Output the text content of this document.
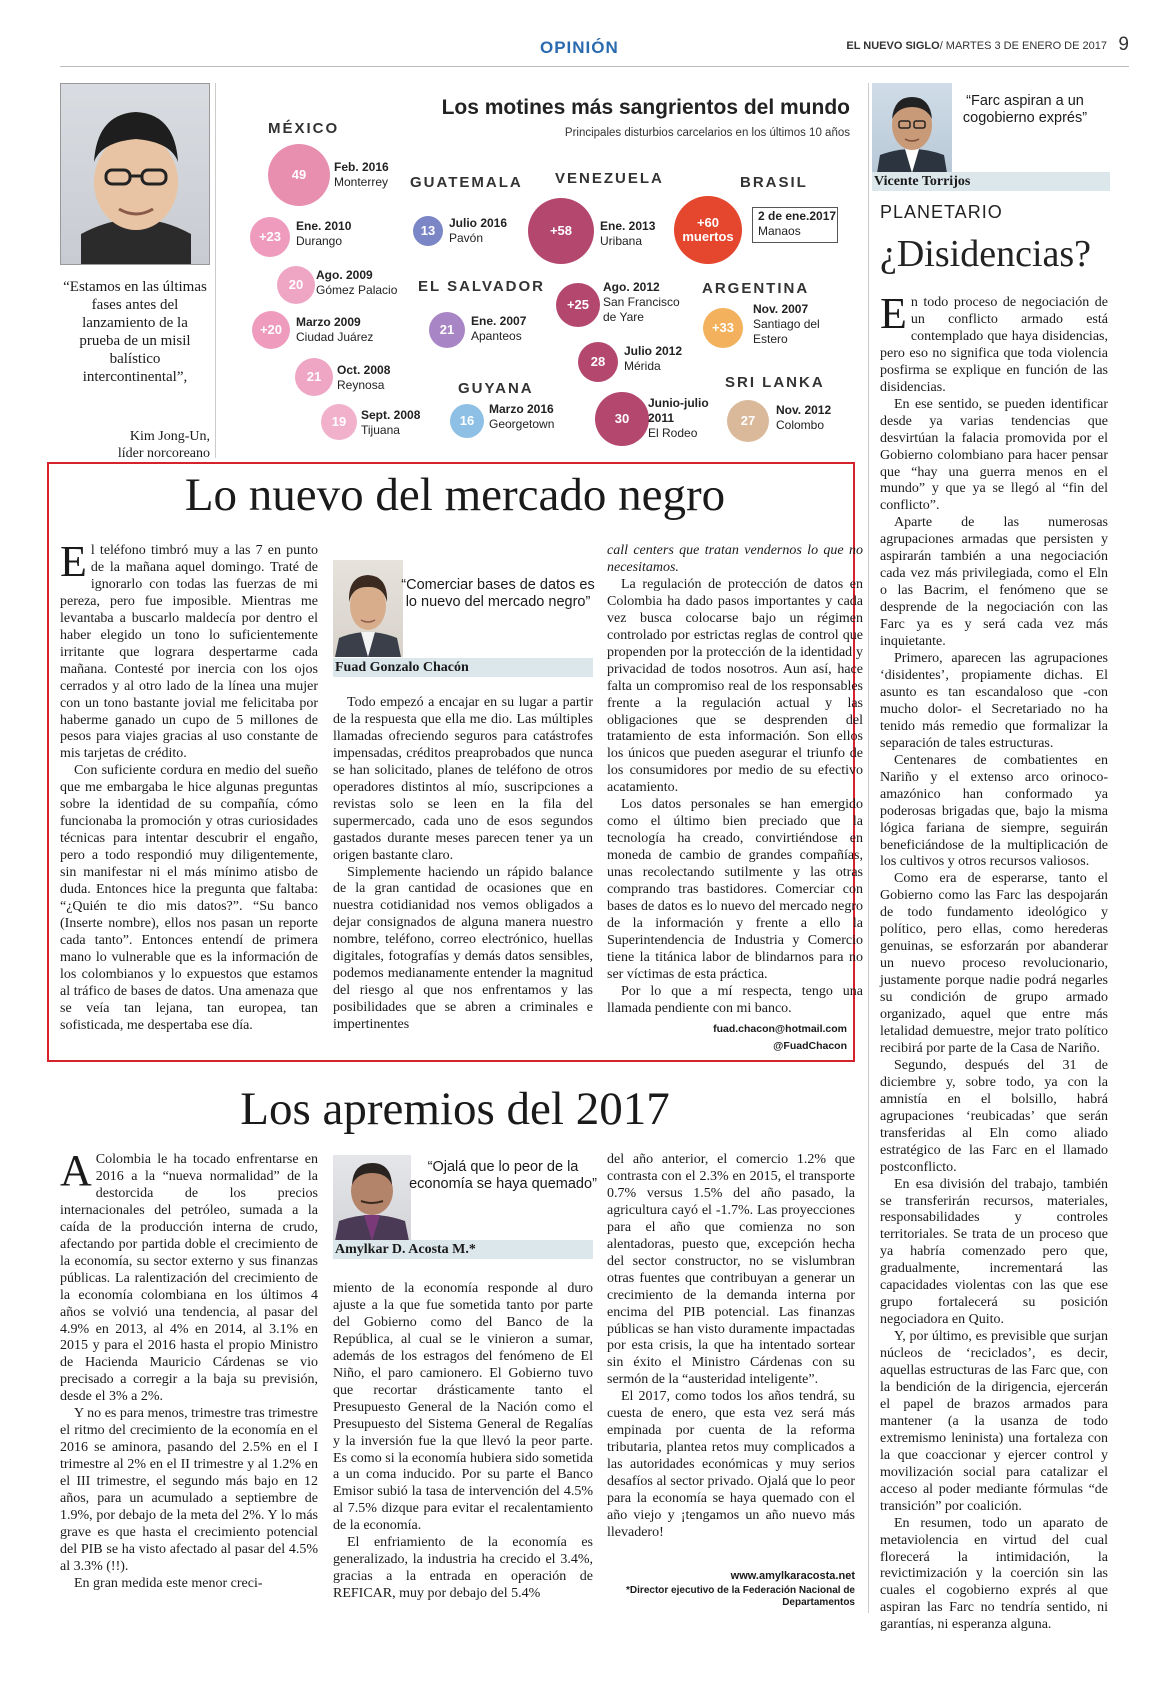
OPINIÓN	EL NUEVO SIGLO/ MARTES 3 DE ENERO DE 2017 9
“Estamos en las últimas fases antes del lanzamiento de la prueba de un misil balístico intercontinental”,
Kim Jong-Un,
líder norcoreano
Los motines más sangrientos del mundo
Principales disturbios carcelarios en los últimos 10 años
MÉXICO
GUATEMALA VENEZUELA	BRASIL
EL SALVADOR	ARGENTINA
GUYANA	SRI LANKA
49	Feb. 2016
Monterrey
+23
Ene. 2010
Durango
20
Ago. 2009
Gómez Palacio
+20	Marzo 2009
Ciudad Juárez
21	Oct. 2008
Reynosa
19	Sept. 2008
Tijuana
13	Julio 2016
Pavón	+58	Ene. 2013
Uribana
+25
Ago. 2012
San Francisco de Yare
28
Julio 2012
Mérida
30
Junio-julio 2011
El Rodeo
+60 muertos
2 de ene.2017
Manaos
21
Ene. 2007
Apanteos
+33
Nov. 2007
Santiago del Estero
16
Marzo 2016
Georgetown	27
Nov. 2012
Colombo
“Farc aspiran a un cogobierno exprés”
Vicente Torrijos
PLANETARIO
¿Disidencias?

En todo proceso de negociación de un conflicto armado está contemplado que haya disidencias, pero eso no significa que toda violencia posfirma se explique en función de las disidencias.

En ese sentido, se pueden identificar desde ya varias tendencias que desvirtúan la falacia promovida por el Gobierno colombiano para hacer pensar que “hay una guerra menos en el mundo” y que ya se llegó al “fin del conflicto”.

Aparte de las numerosas agrupaciones armadas que persisten y aspirarán también a una negociación cada vez más privilegiada, como el Eln o las Bacrim, el fenómeno que se desprende de la negociación con las Farc ya es y será cada vez más inquietante.

Primero, aparecen las agrupaciones ‘disidentes’, propiamente dichas. El asunto es tan escandaloso que -con mucho dolor- el Secretariado no ha tenido más remedio que formalizar la separación de tales estructuras.

Centenares de combatientes en Nariño y el extenso arco orinoco-amazónico han conformado ya poderosas brigadas que, bajo la misma lógica fariana de siempre, seguirán beneficiándose de la multiplicación de los cultivos y otros recursos valiosos.

Como era de esperarse, tanto el Gobierno como las Farc las despojarán de todo fundamento ideológico y político, pero ellas, como herederas genuinas, se esforzarán por abanderar un nuevo proceso revolucionario, justamente porque nadie podrá negarles su condición de grupo armado organizado, aquel que entre más letalidad demuestre, mejor trato político recibirá por parte de la Casa de Nariño.

Segundo, después del 31 de diciembre y, sobre todo, ya con la amnistía en el bolsillo, habrá agrupaciones ‘reubicadas’ que serán transferidas al Eln como aliado estratégico de las Farc en el llamado postconflicto.

En esa división del trabajo, también se transferirán recursos, materiales, responsabilidades y controles territoriales. Se trata de un proceso que ya habría comenzado pero que, gradualmente, incrementará las capacidades violentas con las que ese grupo fortalecerá su posición negociadora en Quito.

Y, por último, es previsible que surjan núcleos de ‘reciclados’, es decir, aquellas estructuras de las Farc que, con la bendición de la dirigencia, ejercerán el papel de brazos armados para mantener (a la usanza de todo extremismo leninista) una fortaleza con la que coaccionar y ejercer control y movilización social para catalizar el acceso al poder mediante fórmulas “de transición” por coalición.

En resumen, todo un aparato de metaviolencia en virtud del cual florecerá la intimidación, la revictimización y la coerción sin las cuales el cogobierno exprés al que aspiran las Farc no tendría sentido, ni garantías, ni esperanza alguna.

Lo nuevo del mercado negro

El teléfono timbró muy a las 7 en punto de la mañana aquel domingo. Traté de ignorarlo con todas las fuerzas de mi pereza, pero fue imposible. Mientras me levantaba a buscarlo maldecía por dentro el haber elegido un tono lo suficientemente irritante que lograra despertarme cada mañana. Contesté por inercia con los ojos cerrados y al otro lado de la línea una mujer con un tono bastante jovial me felicitaba por haberme ganado un cupo de 5 millones de pesos para viajes gracias al uso constante de mis tarjetas de crédito.

Con suficiente cordura en medio del sueño que me embargaba le hice algunas preguntas sobre la identidad de su compañía, cómo funcionaba la promoción y otras curiosidades técnicas para intentar descubrir el engaño, pero a todo respondió muy diligentemente, sin manifestar ni el más mínimo atisbo de duda. Entonces hice la pregunta que faltaba: “¿Quién te dio mis datos?”. “Su banco (Inserte nombre), ellos nos pasan un reporte cada tanto”. Entonces entendí de primera mano lo vulnerable que es la información de los colombianos y lo expuestos que estamos al tráfico de bases de datos. Una amenaza que se veía tan lejana, tan europea, tan sofisticada, me despertaba ese día.

“Comerciar bases de datos es lo nuevo del mercado negro”
Fuad Gonzalo Chacón

Todo empezó a encajar en su lugar a partir de la respuesta que ella me dio. Las múltiples llamadas ofreciendo seguros para catástrofes impensadas, créditos preaprobados que nunca se han solicitado, planes de teléfono de otros operadores distintos al mío, suscripciones a revistas solo se leen en la fila del supermercado, cada uno de esos segundos gastados durante meses parecen tener ya un origen bastante claro.

Simplemente haciendo un rápido balance de la gran cantidad de ocasiones que en nuestra cotidianidad nos vemos obligados a dejar consignados de alguna manera nuestro nombre, teléfono, correo electrónico, huellas digitales, fotografías y demás datos sensibles, podemos medianamente entender la magnitud del riesgo al que nos enfrentamos y las posibilidades que se abren a criminales e impertinentes

call centers que tratan vendernos lo que no necesitamos.

La regulación de protección de datos en Colombia ha dado pasos importantes y cada vez busca colocarse bajo un régimen controlado por estrictas reglas de control que propenden por la protección de la identidad y privacidad de todos nosotros. Aun así, hace falta un compromiso real de los responsables frente a la regulación actual y las obligaciones que se desprenden del tratamiento de esta información. Son ellos los únicos que pueden asegurar el triunfo de los consumidores por medio de su efectivo acatamiento.

Los datos personales se han emergido como el último bien preciado que la tecnología ha creado, convirtiéndose en moneda de cambio de grandes compañías, unas recolectando sutilmente y las otras comprando tras bastidores. Comerciar con bases de datos es lo nuevo del mercado negro de la información y frente a ello la Superintendencia de Industria y Comercio tiene la titánica labor de blindarnos para no ser víctimas de esta práctica.

Por lo que a mí respecta, tengo una llamada pendiente con mi banco.

fuad.chacon@hotmail.com
@FuadChacon
Los apremios del 2017

A Colombia le ha tocado enfrentarse en 2016 a la “nueva normalidad” de la destorcida de los precios internacionales del petróleo, sumada a la caída de la producción interna de crudo, afectando por partida doble el crecimiento de la economía, su sector externo y sus finanzas públicas. La ralentización del crecimiento de la economía colombiana en los últimos 4 años se volvió una tendencia, al pasar del 4.9% en 2013, al 4% en 2014, al 3.1% en 2015 y para el 2016 hasta el propio Ministro de Hacienda Mauricio Cárdenas se vio precisado a corregir a la baja su previsión, desde el 3% a 2%.

Y no es para menos, trimestre tras trimestre el ritmo del crecimiento de la economía en el 2016 se aminora, pasando del 2.5% en el I trimestre al 2% en el II trimestre y al 1.2% en el III trimestre, el segundo más bajo en 12 años, para un acumulado a septiembre de 1.9%, por debajo de la meta del 2%. Y lo más grave es que hasta el crecimiento potencial del PIB se ha visto afectado al pasar del 4.5% al 3.3% (!!).

En gran medida este menor creci-

“Ojalá que lo peor de la economía se haya quemado”
Amylkar D. Acosta M.*

miento de la economía responde al duro ajuste a la que fue sometida tanto por parte del Gobierno como del Banco de la República, al cual se le vinieron a sumar, además de los estragos del fenómeno de El Niño, el paro camionero. El Gobierno tuvo que recortar drásticamente tanto el Presupuesto General de la Nación como el Presupuesto del Sistema General de Regalías y la inversión fue la que llevó la peor parte. Es como si la economía hubiera sido sometida a un coma inducido. Por su parte el Banco Emisor subió la tasa de intervención del 4.5% al 7.5% dizque para evitar el recalentamiento de la economía.

El enfriamiento de la economía es generalizado, la industria ha crecido el 3.4%, gracias a la entrada en operación de REFICAR, muy por debajo del 5.4%

del año anterior, el comercio 1.2% que contrasta con el 2.3% en 2015, el transporte 0.7% versus 1.5% del año pasado, la agricultura cayó el -1.7%. Las proyecciones para el año que comienza no son alentadoras, puesto que, excepción hecha del sector constructor, no se vislumbran otras fuentes que contribuyan a generar un crecimiento de la demanda interna por encima del PIB potencial. Las finanzas públicas se han visto duramente impactadas por esta crisis, la que ha intentado sortear sin éxito el Ministro Cárdenas con su sermón de la “austeridad inteligente”.

El 2017, como todos los años tendrá, su cuesta de enero, que esta vez será más empinada por cuenta de la reforma tributaria, plantea retos muy complicados a las autoridades económicas y muy serios desafíos al sector privado. Ojalá que lo peor para la economía se haya quemado con el año viejo y ¡tengamos un año nuevo más llevadero!

www.amylkaracosta.net
*Director ejecutivo de la Federación Nacional de Departamentos
